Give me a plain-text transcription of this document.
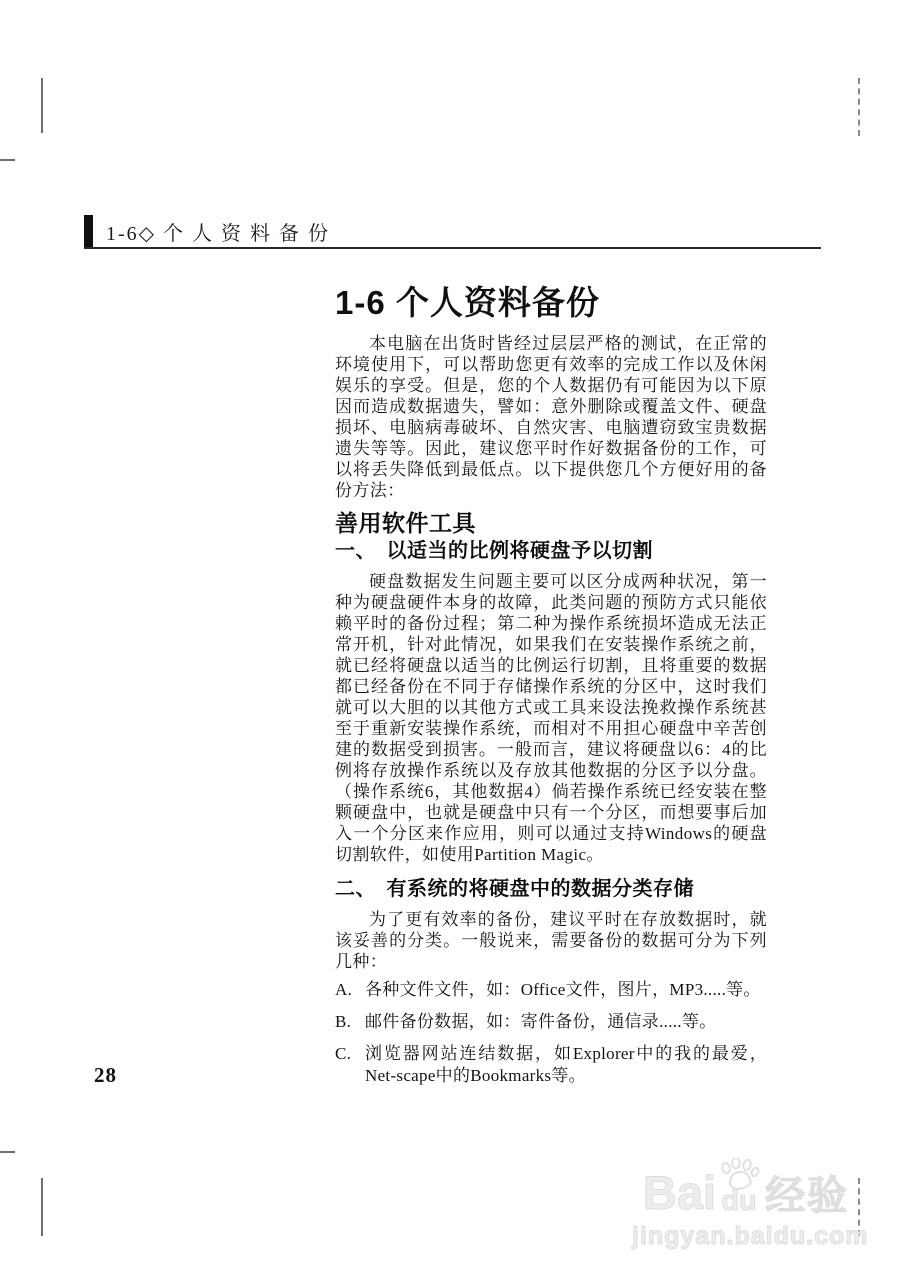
1-6◇ 个 人 资 料 备 份
1-6 个人资料备份

本电脑在出货时皆经过层层严格的测试，在正常的环境使用下，可以帮助您更有效率的完成工作以及休闲娱乐的享受。但是，您的个人数据仍有可能因为以下原因而造成数据遗失，譬如：意外删除或覆盖文件、硬盘损坏、电脑病毒破坏、自然灾害、电脑遭窃致宝贵数据遗失等等。因此，建议您平时作好数据备份的工作，可以将丢失降低到最低点。以下提供您几个方便好用的备份方法：

善用软件工具
一、　以适当的比例将硬盘予以切割

硬盘数据发生问题主要可以区分成两种状况，第一种为硬盘硬件本身的故障，此类问题的预防方式只能依赖平时的备份过程；第二种为操作系统损坏造成无法正常开机，针对此情况，如果我们在安装操作系统之前，就已经将硬盘以适当的比例运行切割，且将重要的数据都已经备份在不同于存储操作系统的分区中，这时我们就可以大胆的以其他方式或工具来设法挽救操作系统甚至于重新安装操作系统，而相对不用担心硬盘中辛苦创建的数据受到损害。一般而言，建议将硬盘以6：4的比例将存放操作系统以及存放其他数据的分区予以分盘。（操作系统6，其他数据4）倘若操作系统已经安装在整颗硬盘中，也就是硬盘中只有一个分区，而想要事后加入一个分区来作应用，则可以通过支持Windows的硬盘切割软件，如使用Partition Magic。

二、　有系统的将硬盘中的数据分类存储

为了更有效率的备份，建议平时在存放数据时，就该妥善的分类。一般说来，需要备份的数据可分为下列几种：

A. 各种文件文件，如：Office文件，图片，MP3.....等。
B. 邮件备份数据，如：寄件备份，通信录.....等。
C. 浏览器网站连结数据，如Explorer中的我的最爱，Net-scape中的Bookmarks等。
28
Bai du 经验
jingyan.baidu.com
